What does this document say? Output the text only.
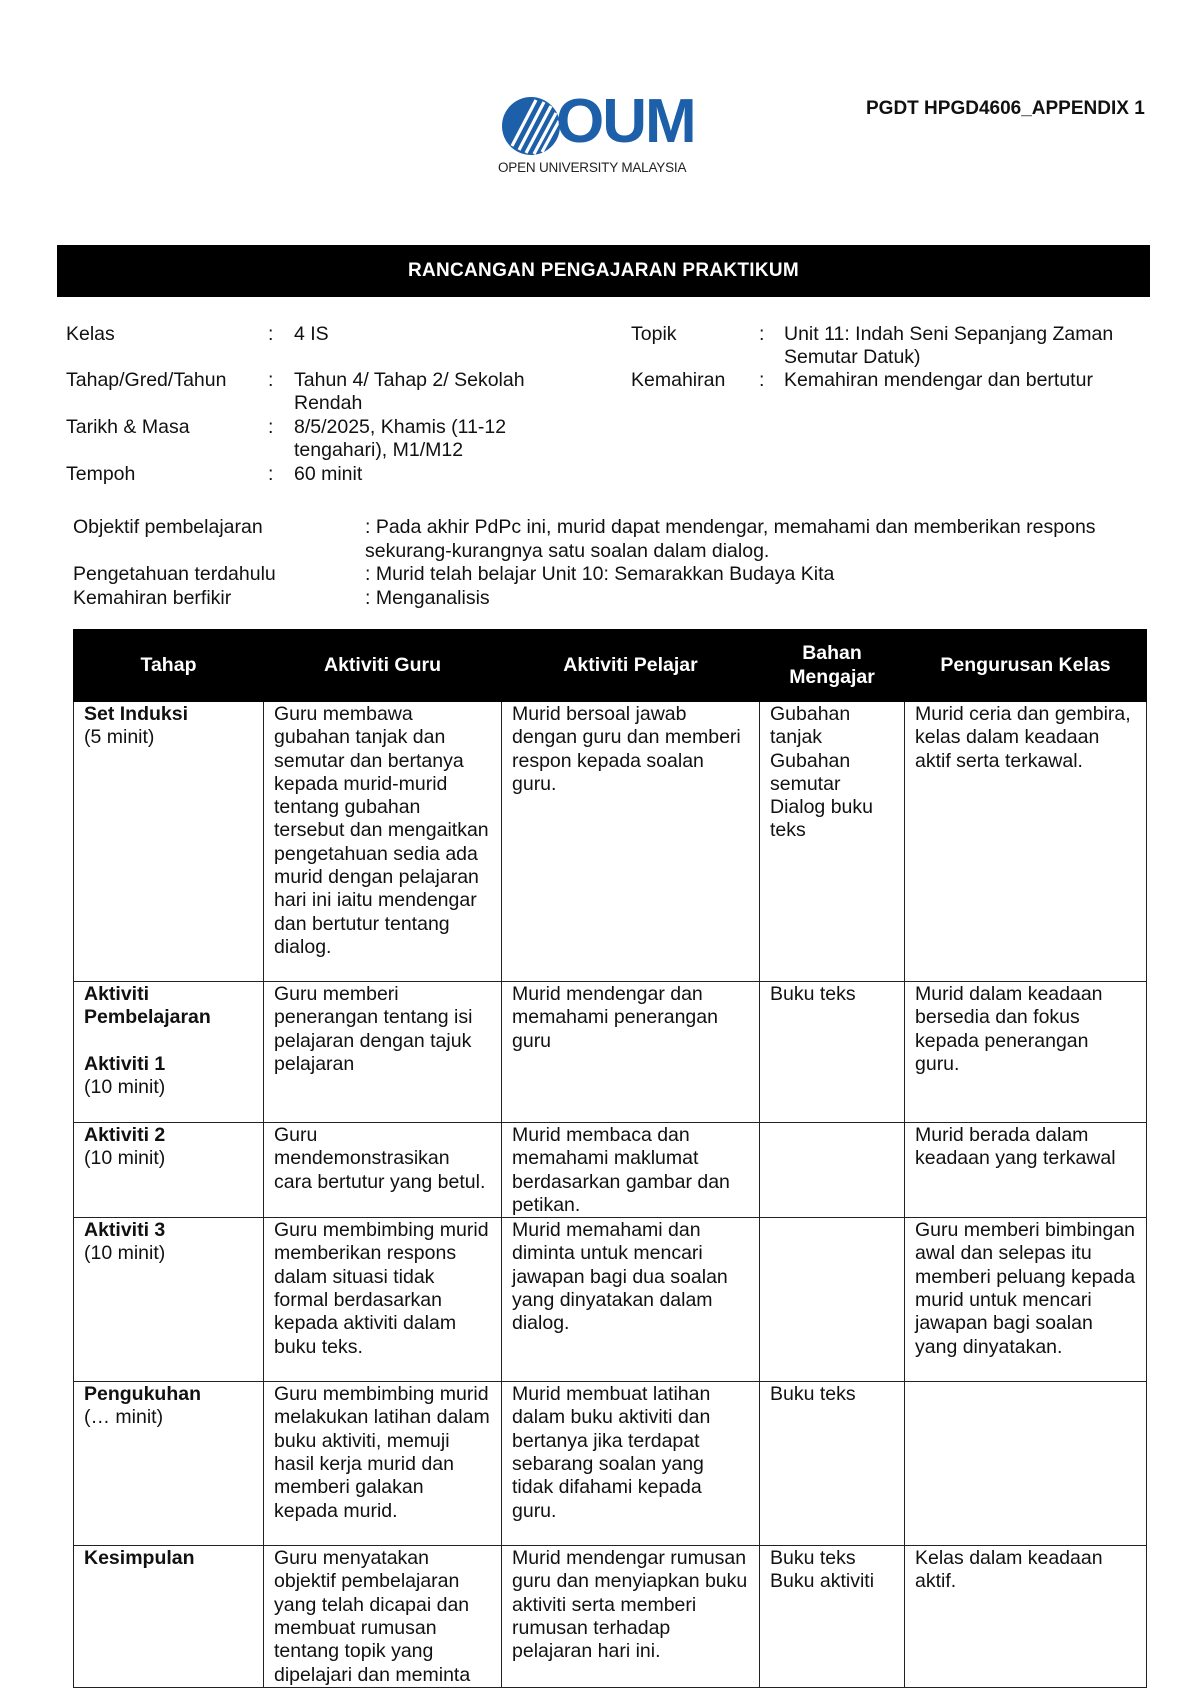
OUM
OPEN UNIVERSITY MALAYSIA
PGDT HPGD4606_APPENDIX 1
RANCANGAN PENGAJARAN PRAKTIKUM
Kelas	: 4 IS
Tahap/Gred/Tahun : Tahun 4/ Tahap 2/ Sekolah Rendah
Tarikh & Masa	: 8/5/2025, Khamis (11-12 tengahari), M1/M12
Tempoh	: 60 minit
Topik	: Unit 11: Indah Seni Sepanjang Zaman Semutar Datuk)
Kemahiran : Kemahiran mendengar dan bertutur
Objektif pembelajaran	: Pada akhir PdPc ini, murid dapat mendengar, memahami dan memberikan respons sekurang-kurangnya satu soalan dalam dialog.
Pengetahuan terdahulu	: Murid telah belajar Unit 10: Semarakkan Budaya Kita
Kemahiran berfikir	: Menganalisis
Tahap	Aktiviti Guru	Aktiviti Pelajar	Bahan Mengajar	Pengurusan Kelas

Set Induksi
(5 minit)	Guru membawa gubahan tanjak dan semutar dan bertanya kepada murid-murid tentang gubahan tersebut dan mengaitkan pengetahuan sedia ada murid dengan pelajaran hari ini iaitu mendengar dan bertutur tentang dialog.	Murid bersoal jawab dengan guru dan memberi respon kepada soalan guru.	Gubahan tanjak Gubahan semutar Dialog buku teks	Murid ceria dan gembira, kelas dalam keadaan aktif serta terkawal.

Aktiviti Pembelajaran
Aktiviti 1
(10 minit)	Guru memberi penerangan tentang isi pelajaran dengan tajuk pelajaran	Murid mendengar dan memahami penerangan guru	Buku teks	Murid dalam keadaan bersedia dan fokus kepada penerangan guru.

Aktiviti 2
(10 minit)	Guru mendemonstrasikan cara bertutur yang betul.	Murid membaca dan memahami maklumat berdasarkan gambar dan petikan.		Murid berada dalam keadaan yang terkawal

Aktiviti 3
(10 minit)	Guru membimbing murid memberikan respons dalam situasi tidak formal berdasarkan kepada aktiviti dalam buku teks.	Murid memahami dan diminta untuk mencari jawapan bagi dua soalan yang dinyatakan dalam dialog.		Guru memberi bimbingan awal dan selepas itu memberi peluang kepada murid untuk mencari jawapan bagi soalan yang dinyatakan.

Pengukuhan
(… minit)	Guru membimbing murid melakukan latihan dalam buku aktiviti, memuji hasil kerja murid dan memberi galakan kepada murid.	Murid membuat latihan dalam buku aktiviti dan bertanya jika terdapat sebarang soalan yang tidak difahami kepada guru.	Buku teks	

Kesimpulan	Guru menyatakan objektif pembelajaran yang telah dicapai dan membuat rumusan tentang topik yang dipelajari dan meminta	Murid mendengar rumusan guru dan menyiapkan buku aktiviti serta memberi rumusan terhadap pelajaran hari ini.	Buku teks Buku aktiviti	Kelas dalam keadaan aktif.
